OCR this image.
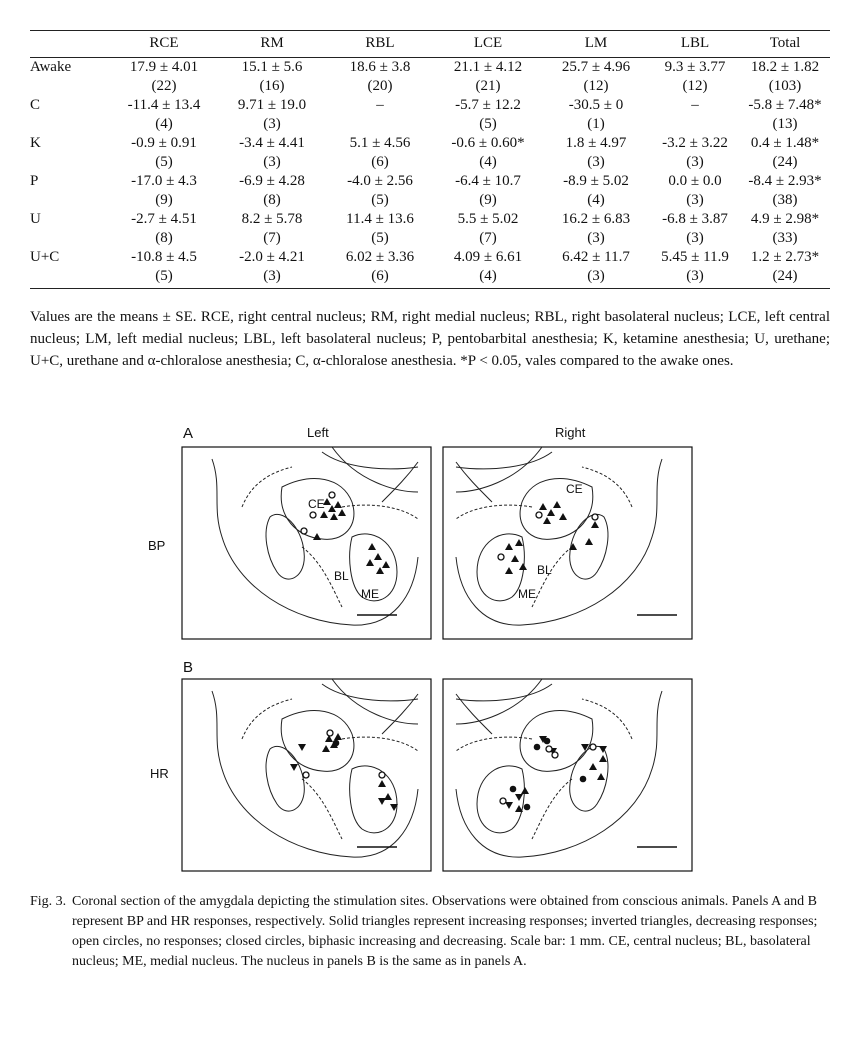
	RCE	RM	RBL	LCE	LM	LBL	Total
Awake	17.9 ± 4.01	15.1 ± 5.6	18.6 ± 3.8	21.1 ± 4.12	25.7 ± 4.96	9.3 ± 3.77	18.2 ± 1.82
	(22)	(16)	(20)	(21)	(12)	(12)	(103)
C	-11.4 ± 13.4	9.71 ± 19.0	–	-5.7 ± 12.2	-30.5 ± 0	–	-5.8 ± 7.48*
	(4)	(3)		(5)	(1)		(13)
K	-0.9 ± 0.91	-3.4 ± 4.41	5.1 ± 4.56	-0.6 ± 0.60*	1.8 ± 4.97	-3.2 ± 3.22	0.4 ± 1.48*
	(5)	(3)	(6)	(4)	(3)	(3)	(24)
P	-17.0 ± 4.3	-6.9 ± 4.28	-4.0 ± 2.56	-6.4 ± 10.7	-8.9 ± 5.02	0.0 ± 0.0	-8.4 ± 2.93*
	(9)	(8)	(5)	(9)	(4)	(3)	(38)
U	-2.7 ± 4.51	8.2 ± 5.78	11.4 ± 13.6	5.5 ± 5.02	16.2 ± 6.83	-6.8 ± 3.87	4.9 ± 2.98*
	(8)	(7)	(5)	(7)	(3)	(3)	(33)
U+C	-10.8 ± 4.5	-2.0 ± 4.21	6.02 ± 3.36	4.09 ± 6.61	6.42 ± 11.7	5.45 ± 11.9	1.2 ± 2.73*
	(5)	(3)	(6)	(4)	(3)	(3)	(24)
Values are the means ± SE. RCE, right central nucleus; RM, right medial nucleus; RBL, right basolateral nucleus; LCE, left central nucleus; LM, left medial nucleus; LBL, left basolateral nucleus; P, pentobarbital anesthesia; K, ketamine anesthesia; U, urethane; U+C, urethane and α-chloralose anesthesia; C, α-chloralose anesthesia. *P < 0.05, vales compared to the awake ones.
A
B
Left	Right
BP
HR
CE
BL
ME
CE
BL
ME
Fig. 3. Coronal section of the amygdala depicting the stimulation sites. Observations were obtained from conscious animals. Panels A and B represent BP and HR responses, respectively. Solid triangles represent increasing responses; inverted triangles, decreasing responses; open circles, no responses; closed circles, biphasic increasing and decreasing. Scale bar: 1 mm. CE, central nucleus; BL, basolateral nucleus; ME, medial nucleus. The nucleus in panels B is the same as in panels A.
